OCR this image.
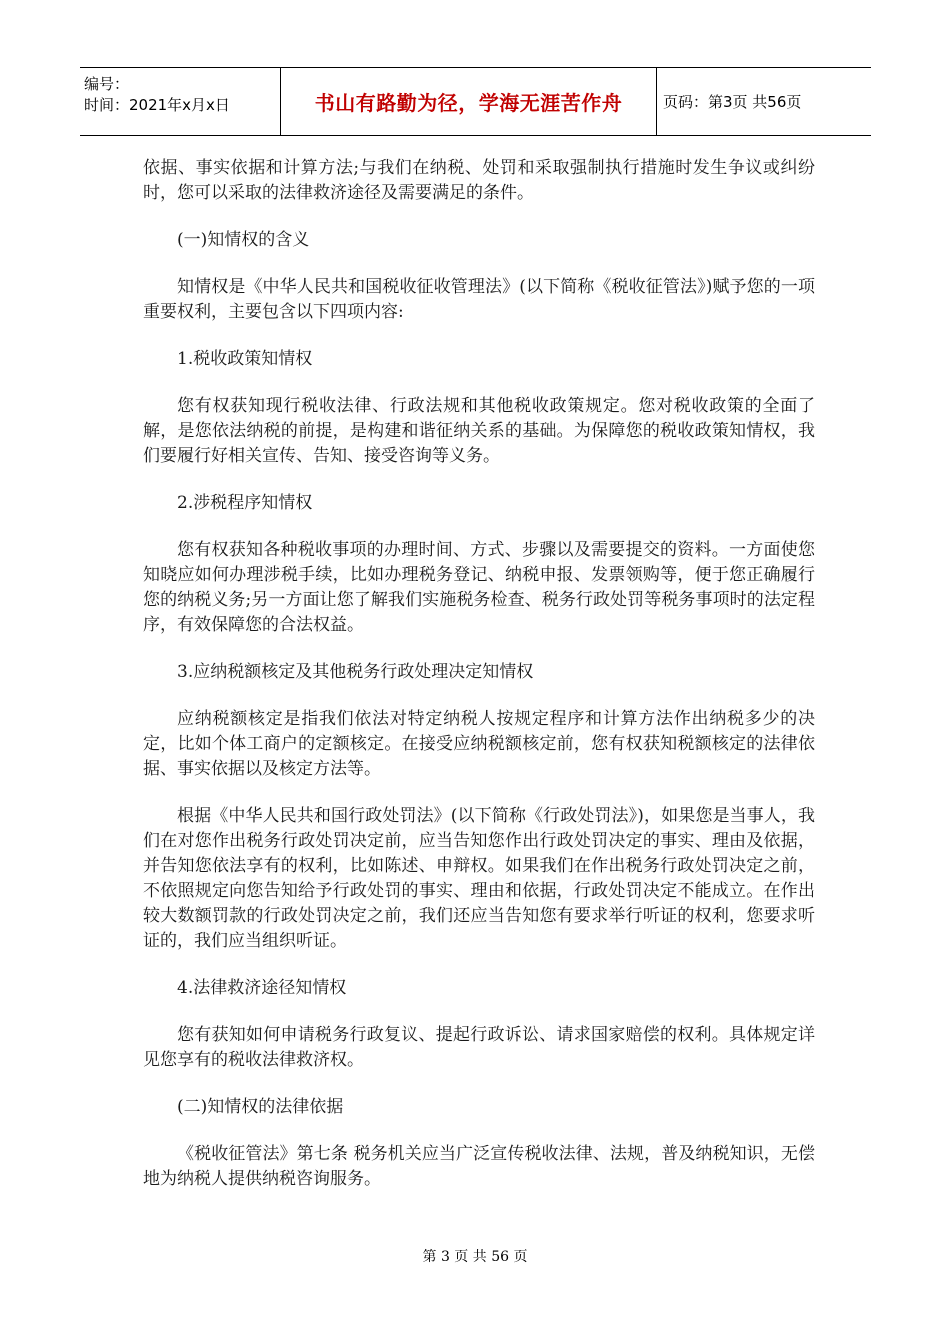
编号：
时间：2021年x月x日	书山有路勤为径，学海无涯苦作舟	页码：第3页 共56页

依据、事实依据和计算方法;与我们在纳税、处罚和采取强制执行措施时发生争议或纠纷时，您可以采取的法律救济途径及需要满足的条件。

(一)知情权的含义

知情权是《中华人民共和国税收征收管理法》(以下简称《税收征管法》)赋予您的一项重要权利，主要包含以下四项内容:

1.税收政策知情权

您有权获知现行税收法律、行政法规和其他税收政策规定。您对税收政策的全面了解，是您依法纳税的前提，是构建和谐征纳关系的基础。为保障您的税收政策知情权，我们要履行好相关宣传、告知、接受咨询等义务。

2.涉税程序知情权

您有权获知各种税收事项的办理时间、方式、步骤以及需要提交的资料。一方面使您知晓应如何办理涉税手续，比如办理税务登记、纳税申报、发票领购等，便于您正确履行您的纳税义务;另一方面让您了解我们实施税务检查、税务行政处罚等税务事项时的法定程序，有效保障您的合法权益。

3.应纳税额核定及其他税务行政处理决定知情权

应纳税额核定是指我们依法对特定纳税人按规定程序和计算方法作出纳税多少的决定，比如个体工商户的定额核定。在接受应纳税额核定前，您有权获知税额核定的法律依据、事实依据以及核定方法等。

根据《中华人民共和国行政处罚法》(以下简称《行政处罚法》)，如果您是当事人，我们在对您作出税务行政处罚决定前，应当告知您作出行政处罚决定的事实、理由及依据，并告知您依法享有的权利，比如陈述、申辩权。如果我们在作出税务行政处罚决定之前，不依照规定向您告知给予行政处罚的事实、理由和依据，行政处罚决定不能成立。在作出较大数额罚款的行政处罚决定之前，我们还应当告知您有要求举行听证的权利，您要求听证的，我们应当组织听证。

4.法律救济途径知情权

您有获知如何申请税务行政复议、提起行政诉讼、请求国家赔偿的权利。具体规定详见您享有的税收法律救济权。

(二)知情权的法律依据

《税收征管法》第七条 税务机关应当广泛宣传税收法律、法规，普及纳税知识，无偿地为纳税人提供纳税咨询服务。

第 3 页 共 56 页
